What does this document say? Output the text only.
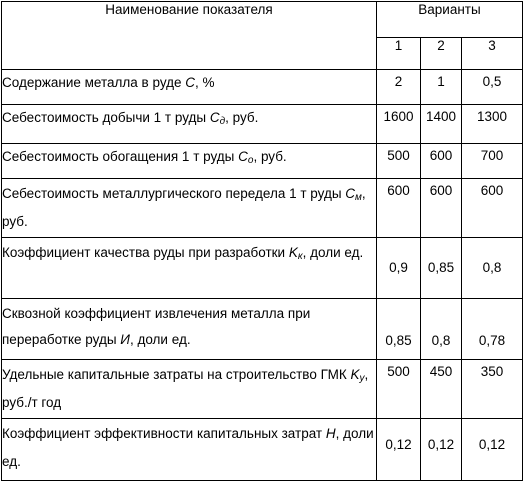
Наименование показателя	Варианты		
	1	2	3
Содержание металла в руде C, %	2	1	0,5
Себестоимость добычи 1 т руды Cд, руб.	1600	1400	1300
Себестоимость обогащения 1 т руды Cо, руб.	500	600	700
Себестоимость металлургического передела 1 т руды Cм, руб.	600	600	600
Коэффициент качества руды при разработки Kк, доли ед.	0,9	0,85	0,8
Сквозной коэффициент извлечения металла при переработке руды И, доли ед.	0,85	0,8	0,78
Удельные капитальные затраты на строительство ГМК Kу, руб./т год	500	450	350
Коэффициент эффективности капитальных затрат Н, доли ед.	0,12	0,12	0,12
